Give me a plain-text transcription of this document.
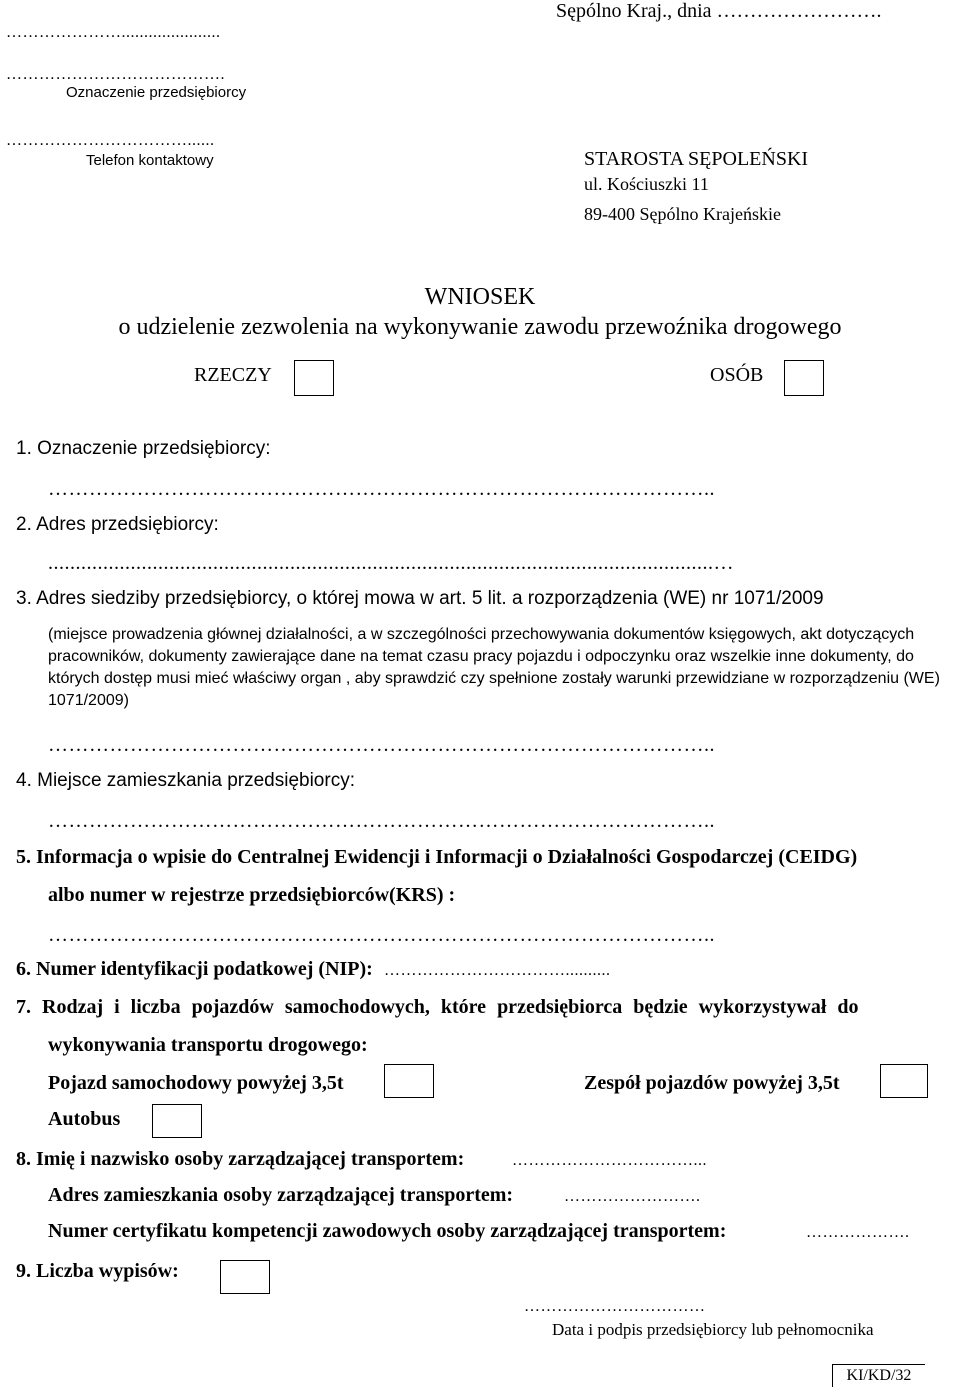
Sępólno Kraj., dnia …………………….
…………………......................
………………………………….
Oznaczenie przedsiębiorcy
……………………………......
Telefon kontaktowy	STAROSTA SĘPOLEŃSKI
ul. Kościuszki 11
89-400 Sępólno Krajeńskie
WNIOSEK
o udzielenie zezwolenia na wykonywanie zawodu przewoźnika drogowego
RZECZY	OSÓB
1. Oznaczenie przedsiębiorcy:
……………………………………………………………………………………..
2. Adres przedsiębiorcy:
.........................................................................................................................…
3. Adres siedziby przedsiębiorcy, o której mowa w art. 5 lit. a rozporządzenia (WE) nr 1071/2009
(miejsce prowadzenia głównej działalności, a w szczególności przechowywania dokumentów księgowych, akt dotyczących pracowników, dokumenty zawierające dane na temat czasu pracy pojazdu i odpoczynku oraz wszelkie inne dokumenty, do których dostęp musi mieć właściwy organ , aby sprawdzić czy spełnione zostały warunki przewidziane w rozporządzeniu (WE) 1071/2009)
……………………………………………………………………………………..
4. Miejsce zamieszkania przedsiębiorcy:
……………………………………………………………………………………..
5. Informacja o wpisie do Centralnej Ewidencji i Informacji o Działalności Gospodarczej (CEIDG)
albo numer w rejestrze przedsiębiorców(KRS) :
……………………………………………………………………………………..
6. Numer identyfikacji podatkowej (NIP): ……………………………..........
7. Rodzaj i liczba pojazdów samochodowych, które przedsiębiorca będzie wykorzystywał do
wykonywania transportu drogowego:
Pojazd samochodowy powyżej 3,5t	Zespół pojazdów powyżej 3,5t
Autobus
8. Imię i nazwisko osoby zarządzającej transportem:	……………………………...
Adres zamieszkania osoby zarządzającej transportem:	…………………….
Numer certyfikatu kompetencji zawodowych osoby zarządzającej transportem:	……………….
9. Liczba wypisów:
……………………………
Data i podpis przedsiębiorcy lub pełnomocnika
KI/KD/32
